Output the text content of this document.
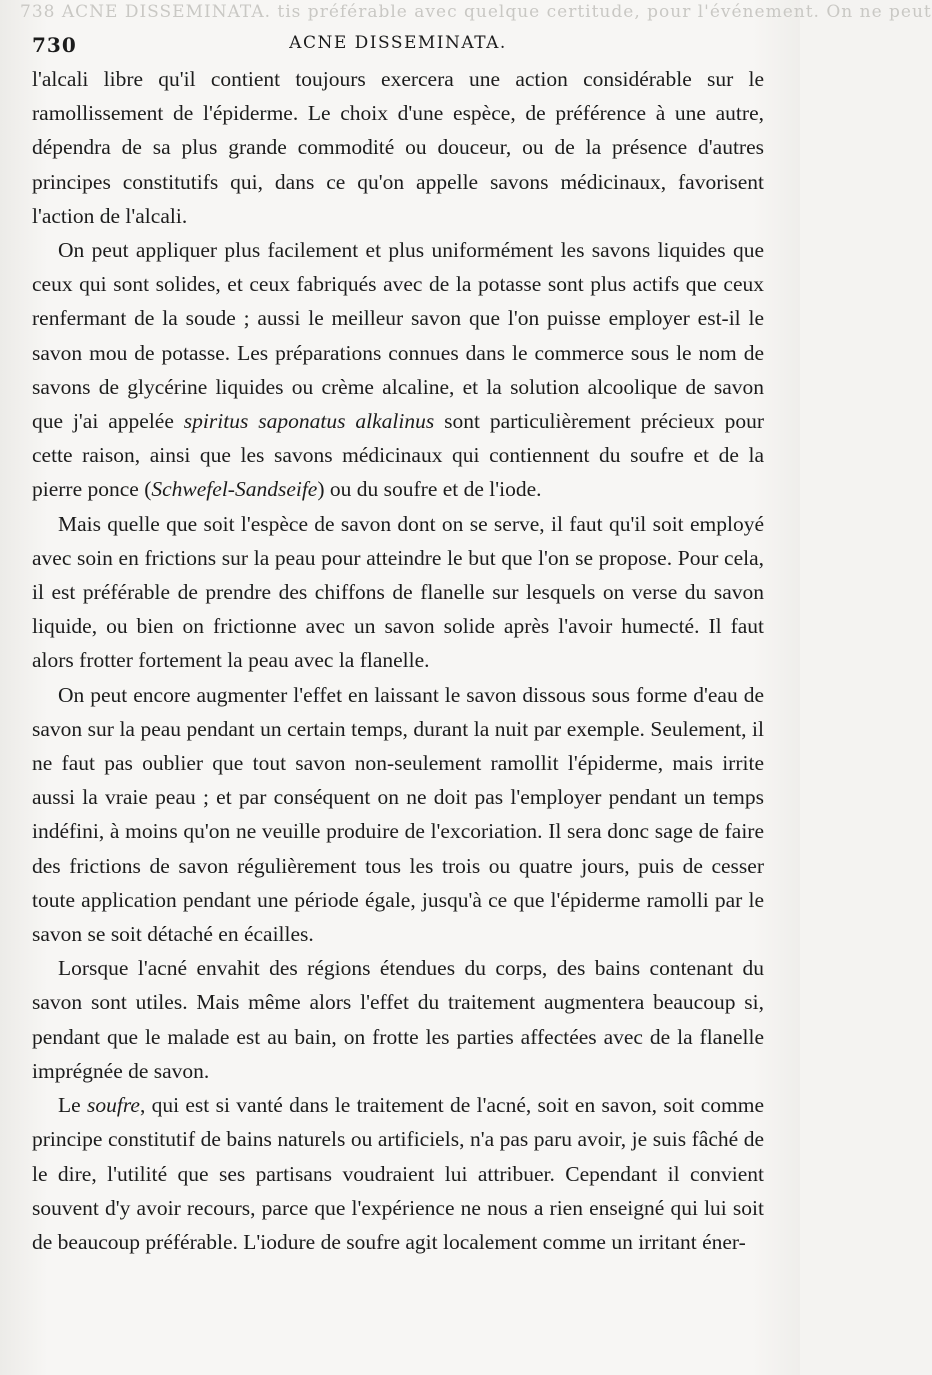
738 ACNE DISSEMINATA. tis préférable avec quelque certitude, pour l'événement. On ne peut
730	ACNE DISSEMINATA.

l'alcali libre qu'il contient toujours exercera une action considérable sur le ramollissement de l'épiderme. Le choix d'une espèce, de préférence à une autre, dépendra de sa plus grande commodité ou douceur, ou de la présence d'autres principes constitutifs qui, dans ce qu'on appelle savons médicinaux, favorisent l'action de l'alcali.

On peut appliquer plus facilement et plus uniformément les savons liquides que ceux qui sont solides, et ceux fabriqués avec de la potasse sont plus actifs que ceux renfermant de la soude ; aussi le meilleur savon que l'on puisse employer est-il le savon mou de potasse. Les préparations connues dans le commerce sous le nom de savons de glycérine liquides ou crème alcaline, et la solution alcoolique de savon que j'ai appelée spiritus saponatus alkalinus sont particulièrement précieux pour cette raison, ainsi que les savons médicinaux qui contiennent du soufre et de la pierre ponce (Schwefel-Sandseife) ou du soufre et de l'iode.

Mais quelle que soit l'espèce de savon dont on se serve, il faut qu'il soit employé avec soin en frictions sur la peau pour atteindre le but que l'on se propose. Pour cela, il est préférable de prendre des chiffons de flanelle sur lesquels on verse du savon liquide, ou bien on frictionne avec un savon solide après l'avoir humecté. Il faut alors frotter fortement la peau avec la flanelle.

On peut encore augmenter l'effet en laissant le savon dissous sous forme d'eau de savon sur la peau pendant un certain temps, durant la nuit par exemple. Seulement, il ne faut pas oublier que tout savon non-seulement ramollit l'épiderme, mais irrite aussi la vraie peau ; et par conséquent on ne doit pas l'employer pendant un temps indéfini, à moins qu'on ne veuille produire de l'excoriation. Il sera donc sage de faire des frictions de savon régulièrement tous les trois ou quatre jours, puis de cesser toute application pendant une période égale, jusqu'à ce que l'épiderme ramolli par le savon se soit détaché en écailles.

Lorsque l'acné envahit des régions étendues du corps, des bains contenant du savon sont utiles. Mais même alors l'effet du traitement augmentera beaucoup si, pendant que le malade est au bain, on frotte les parties affectées avec de la flanelle imprégnée de savon.

Le soufre, qui est si vanté dans le traitement de l'acné, soit en savon, soit comme principe constitutif de bains naturels ou artificiels, n'a pas paru avoir, je suis fâché de le dire, l'utilité que ses partisans voudraient lui attribuer. Cependant il convient souvent d'y avoir recours, parce que l'expérience ne nous a rien enseigné qui lui soit de beaucoup préférable. L'iodure de soufre agit localement comme un irritant éner-
